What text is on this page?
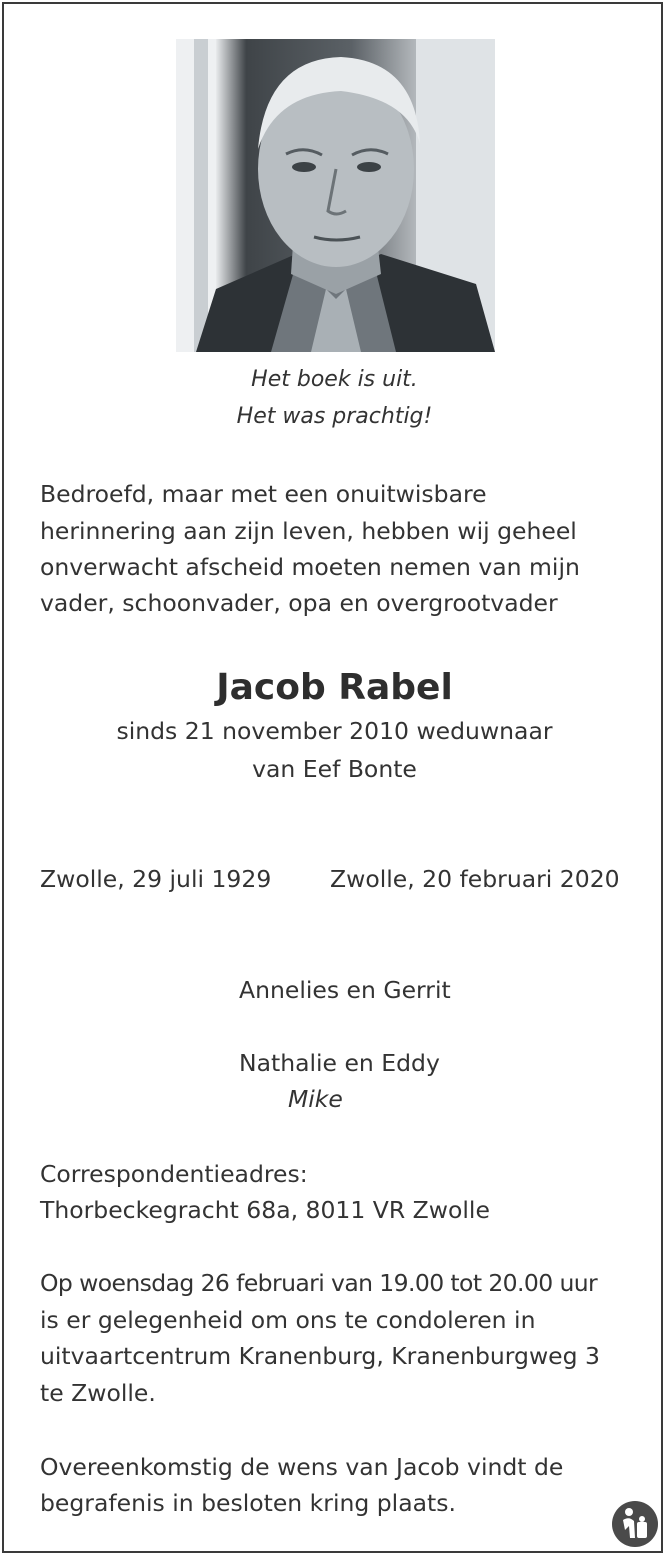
Het boek is uit.
Het was prachtig!
Bedroefd, maar met een onuitwisbare
herinnering aan zijn leven, hebben wij geheel
onverwacht afscheid moeten nemen van mijn
vader, schoonvader, opa en overgrootvader
Jacob Rabel
sinds 21 november 2010 weduwnaar
van Eef Bonte
Zwolle, 29 juli 1929 Zwolle, 20 februari 2020
Annelies en Gerrit
Nathalie en Eddy
Mike
Correspondentieadres:
Thorbeckegracht 68a, 8011 VR Zwolle
Op woensdag 26 februari van 19.00 tot 20.00 uur
is er gelegenheid om ons te condoleren in
uitvaartcentrum Kranenburg, Kranenburgweg 3
te Zwolle.
Overeenkomstig de wens van Jacob vindt de
begrafenis in besloten kring plaats.
